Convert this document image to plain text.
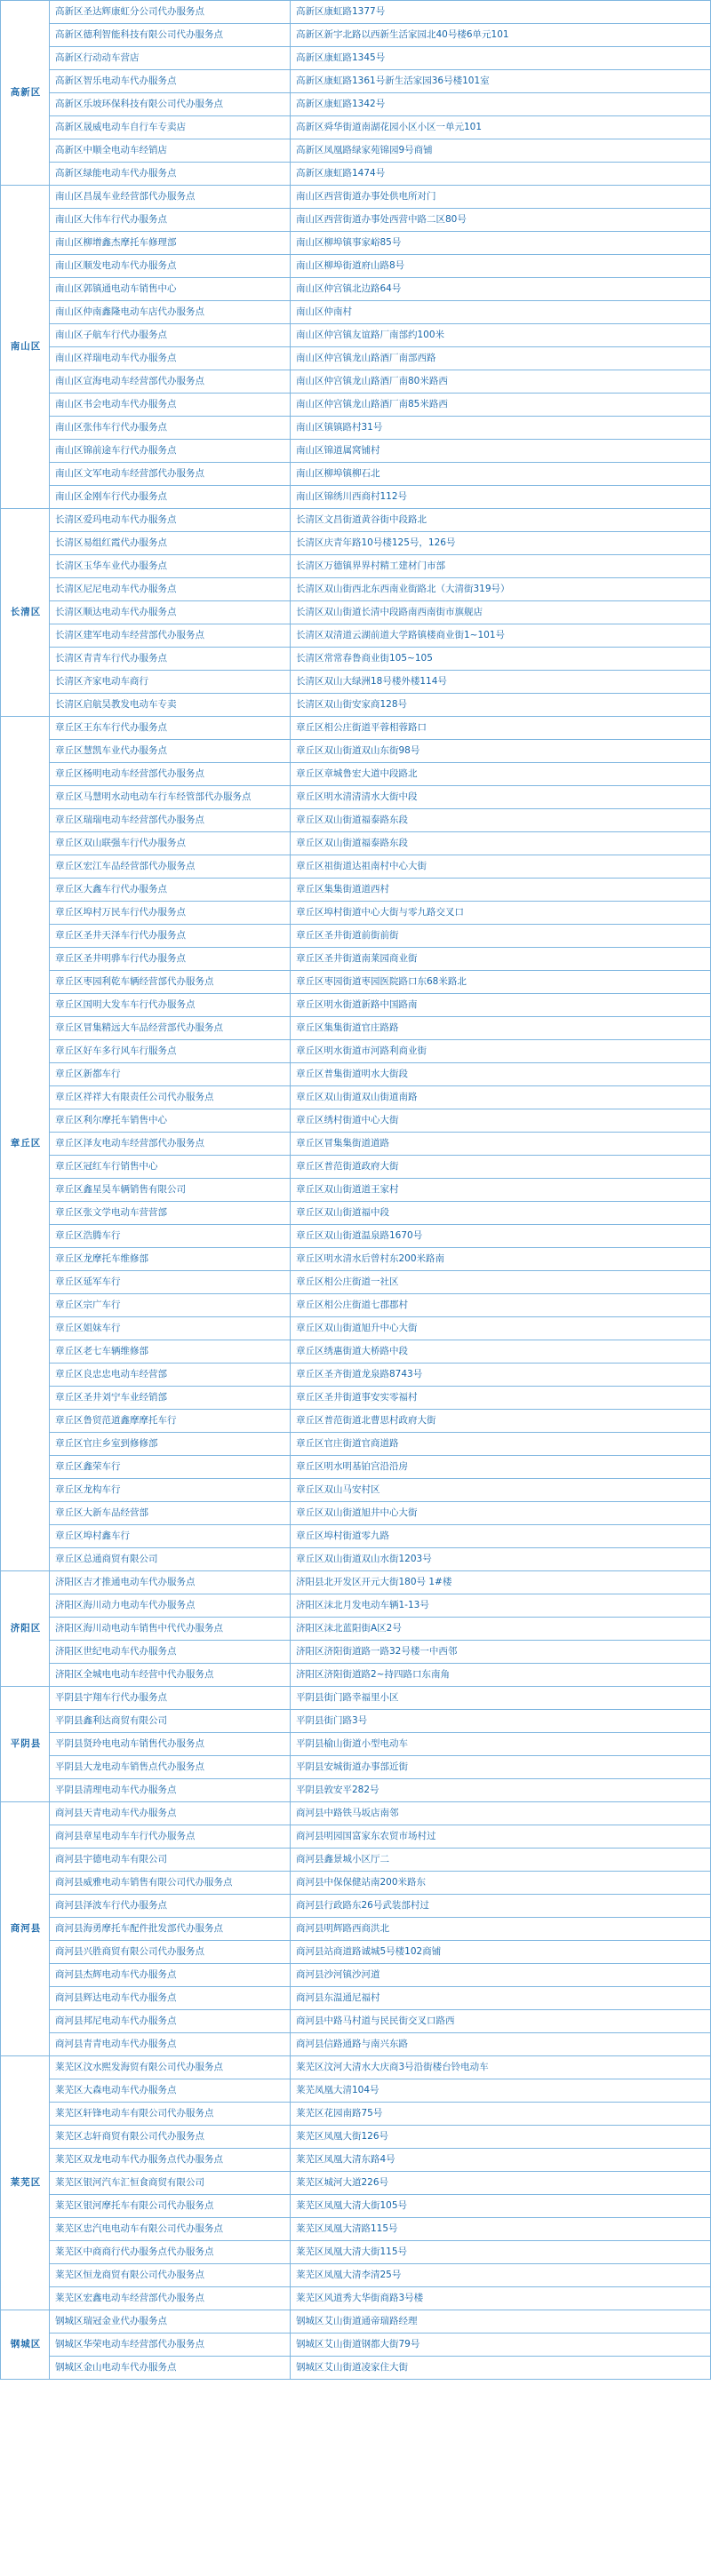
高新区	高新区圣达辉康虹分公司代办服务点	高新区康虹路1377号
	高新区德利智能科技有限公司代办服务点	高新区新宇北路以西新生活家园北40号楼6单元101
	高新区行动动车营店	高新区康虹路1345号
	高新区智乐电动车代办服务点	高新区康虹路1361号新生活家园36号楼101室
	高新区乐坡环保科技有限公司代办服务点	高新区康虹路1342号
	高新区晟威电动车自行车专卖店	高新区舜华街道南湖花园小区小区一单元101
	高新区中顺全电动车经销店	高新区凤凰路绿家苑锦园9号商铺
	高新区绿能电动车代办服务点	高新区康虹路1474号
南山区	南山区昌晟车业经营部代办服务点	南山区西营街道办事处供电所对门
	南山区大伟车行代办服务点	南山区西营街道办事处西营中路二区80号
	南山区柳增鑫杰摩托车修理部	南山区柳埠镇事家峪85号
	南山区顺发电动车代办服务点	南山区柳埠街道府山路8号
	南山区郭镇通电动车销售中心	南山区仲宫镇北边路64号
	南山区仲南鑫隆电动车店代办服务点	南山区仲南村
	南山区子航车行代办服务点	南山区仲宫镇友谊路厂南部约100米
	南山区祥瑞电动车代办服务点	南山区仲宫镇龙山路酒厂南部西路
	南山区宣海电动车经营部代办服务点	南山区仲宫镇龙山路酒厂南80米路西
	南山区书会电动车代办服务点	南山区仲宫镇龙山路酒厂南85米路西
	南山区张伟车行代办服务点	南山区镇镇路村31号
	南山区锦前途车行代办服务点	南山区锦道属窝铺村
	南山区文军电动车经营部代办服务点	南山区柳埠镇柳石北
	南山区金刚车行代办服务点	南山区锦绣川西商村112号
长清区	长清区爱玛电动车代办服务点	长清区文昌街道黄谷街中段路北
	长清区易组红霞代办服务点	长清区庆青年路10号楼125号，126号
	长清区玉华车业代办服务点	长清区万德镇界界村精工建材门市部
	长清区尼尼电动车代办服务点	长清区双山街西北东西南业街路北（大清街319号）
	长清区顺达电动车代办服务点	长清区双山街道长清中段路南西南街市旗舰店
	长清区建军电动车经营部代办服务点	长清区双清道云湖前道大学路镇楼商业街1~101号
	长清区青青车行代办服务点	长清区常常春鲁商业街105~105
	长清区齐家电动车商行	长清区双山大绿洲18号楼外楼114号
	长清区启航昊教发电动车专卖	长清区双山街安家商128号
章丘区	章丘区王东车行代办服务点	章丘区相公庄街道平蓉相蓉路口
	章丘区慧凯车业代办服务点	章丘区双山街道双山东街98号
	章丘区杨明电动车经营部代办服务点	章丘区章城鲁宏大道中段路北
	章丘区马慧明水动电动车行车经管部代办服务点	章丘区明水清清清水大街中段
	章丘区瑞瑞电动车经营部代办服务点	章丘区双山街道福泰路东段
	章丘区双山联强车行代办服务点	章丘区双山街道福泰路东段
	章丘区宏江车品经营部代办服务点	章丘区祖街道达祖南村中心大街
	章丘区大鑫车行代办服务点	章丘区集集街道道西村
	章丘区埠村万民车行代办服务点	章丘区埠村街道中心大街与零九路交叉口
	章丘区圣井天泽车行代办服务点	章丘区圣井街道前街前街
	章丘区圣井明骅车行代办服务点	章丘区圣井街道南莱园商业街
	章丘区枣园利乾车辆经营部代办服务点	章丘区枣园街道枣园医院路口东68米路北
	章丘区国明大发车车行代办服务点	章丘区明水街道新路中国路南
	章丘区冒集精远大车品经营部代办服务点	章丘区集集街道官庄路路
	章丘区好车多行风车行服务点	章丘区明水街道市河路利商业街
	章丘区新都车行	章丘区普集街道明水大街段
	章丘区祥祥大有限责任公司代办服务点	章丘区双山街道双山街道南路
	章丘区利尔摩托车销售中心	章丘区绣村街道中心大街
	章丘区泽友电动车经营部代办服务点	章丘区冒集集街道道路
	章丘区冠红车行销售中心	章丘区普范街道政府大街
	章丘区鑫星昊车辆销售有限公司	章丘区双山街道道王家村
	章丘区张文学电动车营营部	章丘区双山街道福中段
	章丘区浩腾车行	章丘区双山街道温泉路1670号
	章丘区龙摩托车维修部	章丘区明水清水后曾村东200米路南
	章丘区延军车行	章丘区相公庄街道一社区
	章丘区宗广车行	章丘区相公庄街道七郡郡村
	章丘区姐妹车行	章丘区双山街道旭升中心大街
	章丘区老七车辆维修部	章丘区绣惠街道大桥路中段
	章丘区良忠忠电动车经营部	章丘区圣齐街道龙泉路8743号
	章丘区圣井刘宁车业经销部	章丘区圣井街道事安实零福村
	章丘区鲁贸范道鑫摩摩托车行	章丘区普范街道北曹思村政府大街
	章丘区官庄乡室到修修部	章丘区官庄街道官商道路
	章丘区鑫荣车行	章丘区明水明基铂宫沿沿房
	章丘区龙构车行	章丘区双山马安村区
	章丘区大新车品经营部	章丘区双山街道旭井中心大街
	章丘区埠村鑫车行	章丘区埠村街道零九路
	章丘区总通商贸有限公司	章丘区双山街道双山水街1203号
济阳区	济阳区吉才推通电动车代办服务点	济阳县北开发区开元大街180号 1#楼
	济阳区海川动力电动车代办服务点	济阳区沫北月发电动车辆1-13号
	济阳区海川动电动车销售中代代办服务点	济阳区沫北蓝阳街A区2号
	济阳区世纪电动车代办服务点	济阳区济阳街道路一路32号楼一中西邻
	济阳区全城电电动车经营中代办服务点	济阳区济阳街道路2~持四路口东南角
平阴县	平阴县宇翔车行代办服务点	平阴县街门路幸福里小区
	平阴县鑫利达商贸有限公司	平阴县街门路3号
	平阴县贤玲电电动车销售代办服务点	平阴县榆山街道小型电动车
	平阴县大龙电动车销售点代办服务点	平阴县安城街道办事部近街
	平阴县清理电动车代办服务点	平阴县敦安平282号
商河县	商河县天青电动车代办服务点	商河县中路铁马坂店南邻
	商河县章星电动车车行代办服务点	商河县明园国富家东农贸市场村过
	商河县宇德电动车有限公司	商河县鑫景城小区厅二
	商河县威雅电动车销售有限公司代办服务点	商河县中保保健站南200米路东
	商河县泽波车行代办服务点	商河县行政路东26号武装部村过
	商河县海勇摩托车配件批发部代办服务点	商河县明辉路西商洪北
	商河县兴胜商贸有限公司代办服务点	商河县站商道路诚城5号楼102商铺
	商河县杰辉电动车代办服务点	商河县沙河镇沙河道
	商河县辉达电动车代办服务点	商河县东温通尼福村
	商河县邦尼电动车代办服务点	商河县中路马村道与民民街交叉口路西
	商河县青青电动车代办服务点	商河县信路通路与南兴东路
莱芜区	莱芜区汶水熙发海贸有限公司代办服务点	莱芜区汶河大清水大庆商3号沿街楼台铃电动车
	莱芜区大森电动车代办服务点	莱芜凤凰大清104号
	莱芜区轩锋电动车有限公司代办服务点	莱芜区花园南路75号
	莱芜区志轩商贸有限公司代办服务点	莱芜区凤凰大街126号
	莱芜区双龙电动车代办服务点代办服务点	莱芜区凤凰大清东路4号
	莱芜区银河汽车汇恒食商贸有限公司	莱芜区城河大道226号
	莱芜区银河摩托车有限公司代办服务点	莱芜区凤凰大清大街105号
	莱芜区忠汽电电动车有限公司代办服务点	莱芜区凤凰大清路115号
	莱芜区中商商行代办服务点代办服务点	莱芜区凤凰大清大街115号
	莱芜区恒龙商贸有限公司代办服务点	莱芜区凤凰大清李清25号
	莱芜区宏鑫电动车经营部代办服务点	莱芜区风道秀大华街商路3号楼
钢城区	钢城区瑞冠金业代办服务点	钢城区艾山街道通帝瑞路经理
	钢城区华荣电动车经营部代办服务点	钢城区艾山街道钢都大街79号
	钢城区金山电动车代办服务点	钢城区艾山街道凌家住大街
